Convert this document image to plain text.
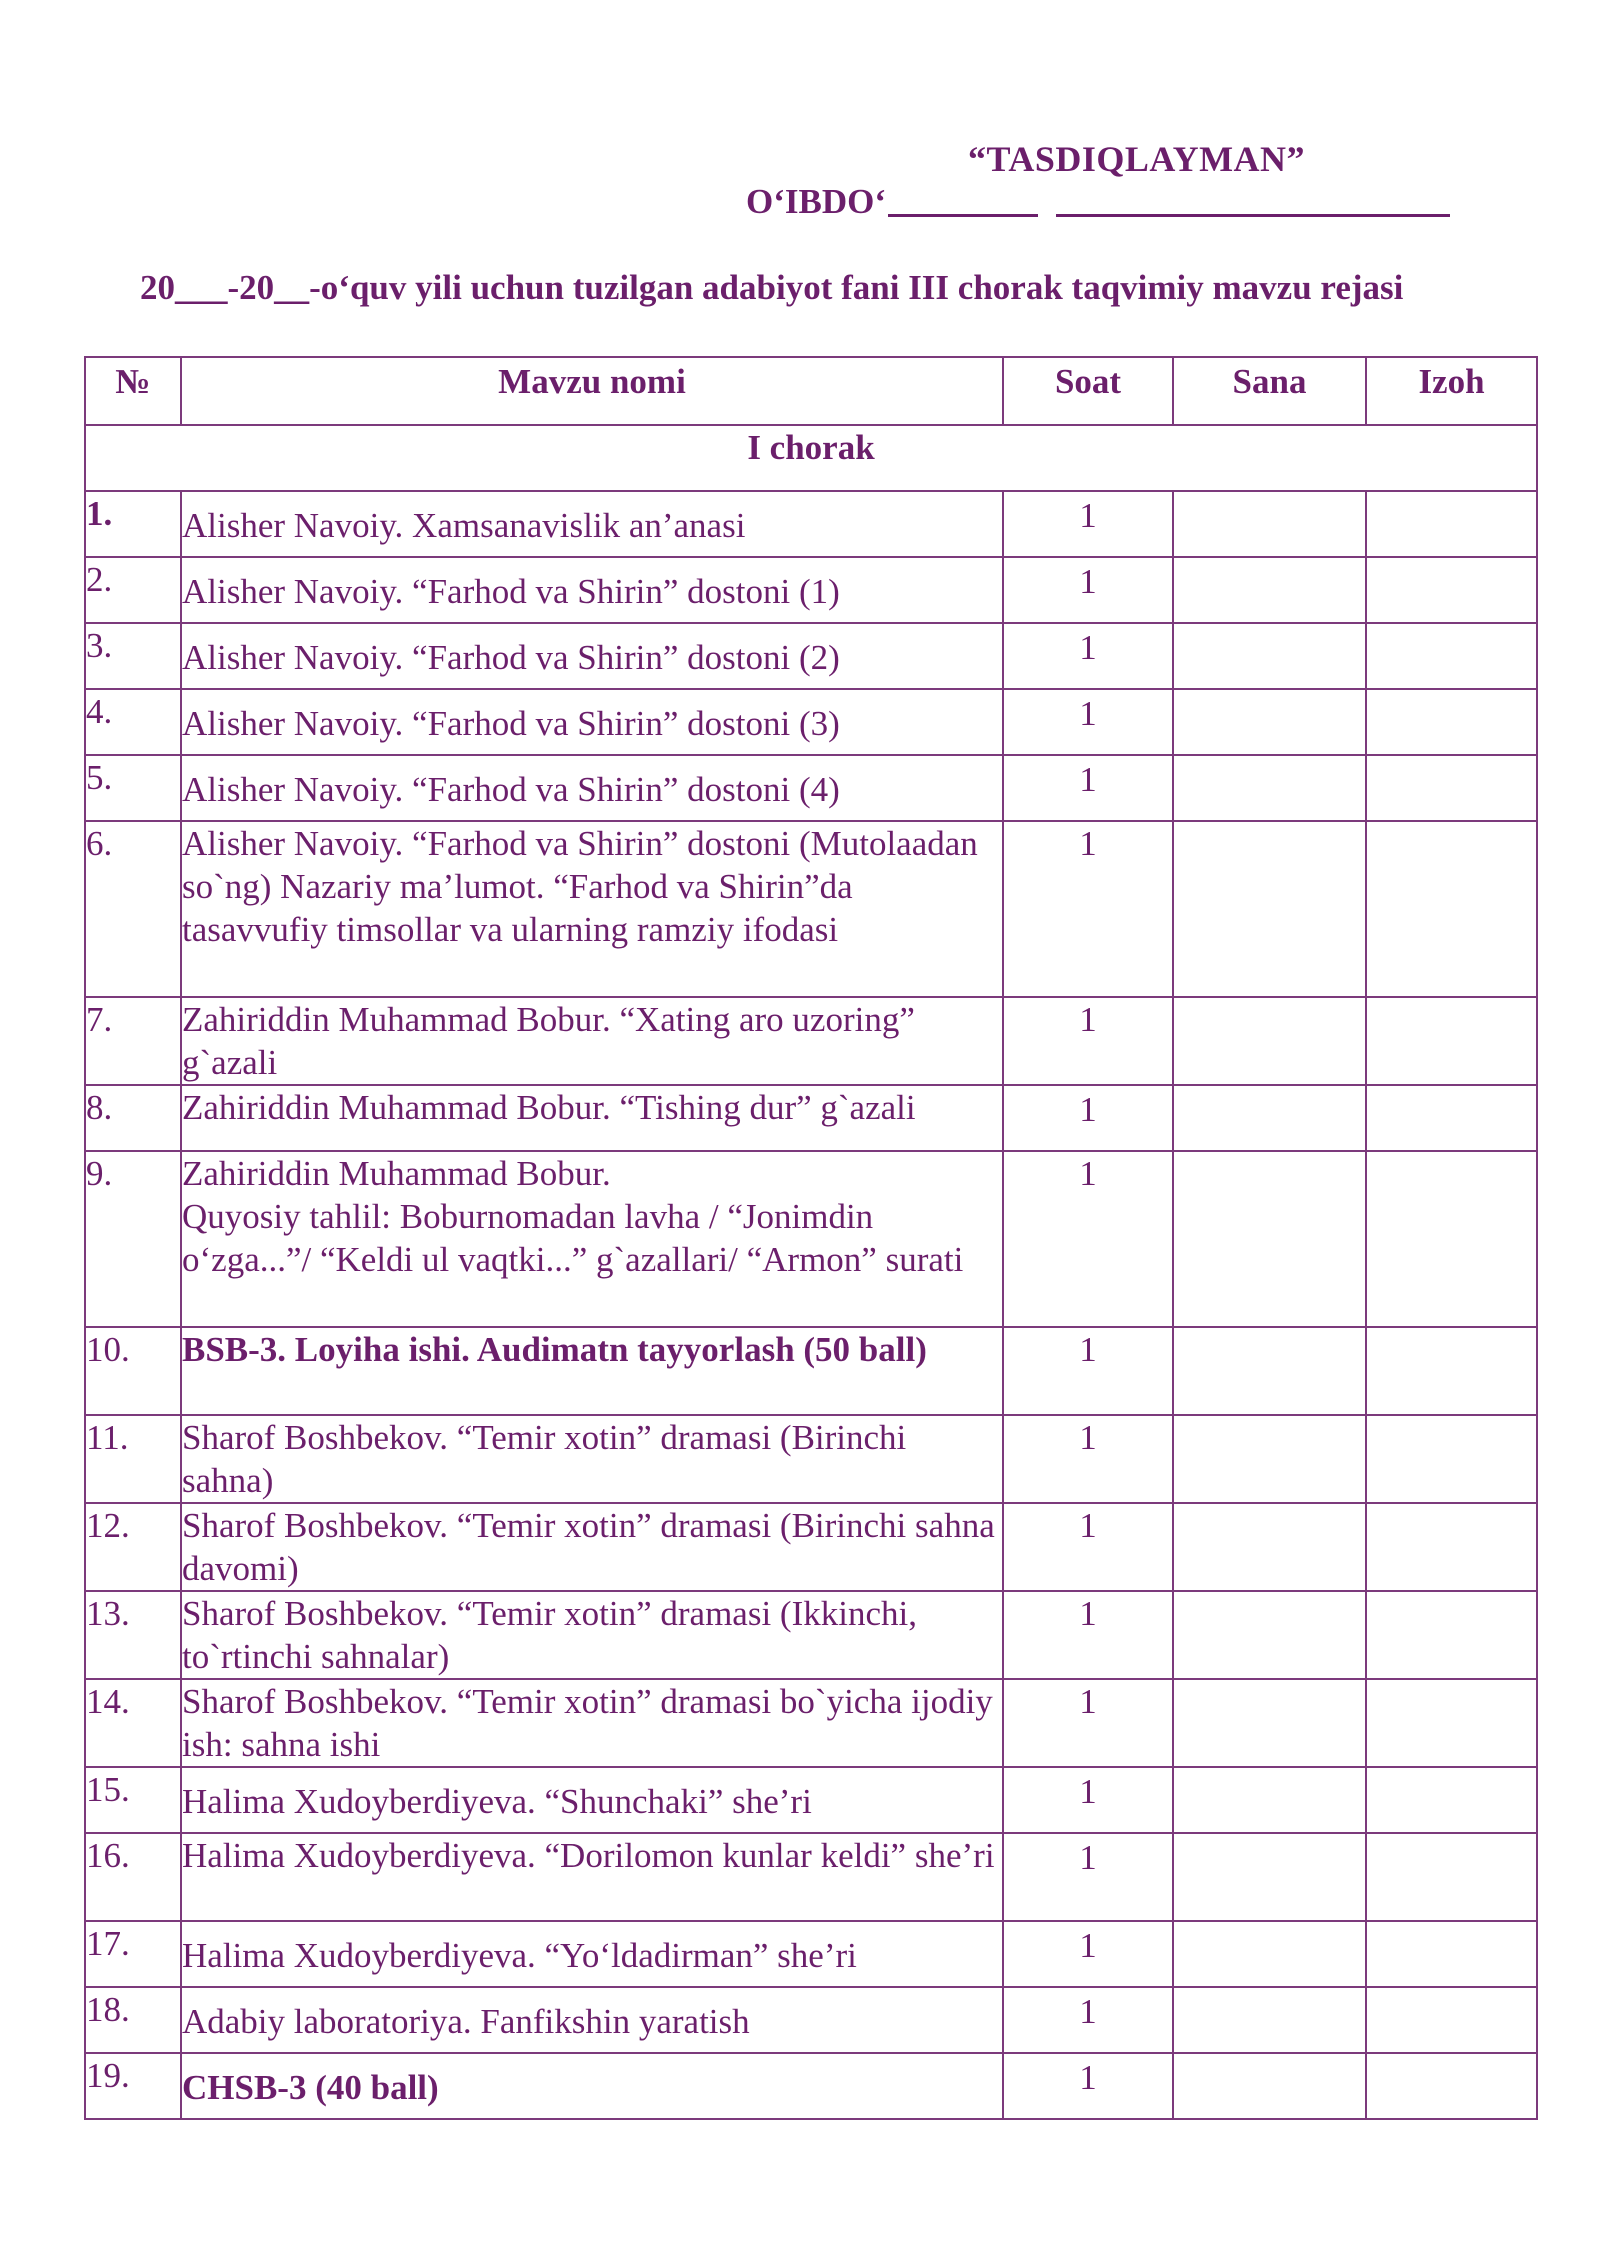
“TASDIQLAYMAN”
O‘IBDO‘
20___-20__-o‘quv yili uchun tuzilgan adabiyot fani III chorak taqvimiy mavzu rejasi
№	Mavzu nomi	Soat	Sana	Izoh
I chorak				
1.	Alisher Navoiy. Xamsanavislik an’anasi	1		
2.	Alisher Navoiy. “Farhod va Shirin” dostoni (1)	1		
3.	Alisher Navoiy. “Farhod va Shirin” dostoni (2)	1		
4.	Alisher Navoiy. “Farhod va Shirin” dostoni (3)	1		
5.	Alisher Navoiy. “Farhod va Shirin” dostoni (4)	1		
6.	Alisher Navoiy. “Farhod va Shirin” dostoni (Mutolaadan so`ng) Nazariy ma’lumot. “Farhod va Shirin”da tasavvufiy timsollar va ularning ramziy ifodasi	1		
7.	Zahiriddin Muhammad Bobur. “Xating aro uzoring” g`azali	1		
8.	Zahiriddin Muhammad Bobur. “Tishing dur” g`azali	1		
9.	Zahiriddin Muhammad Bobur.
Quyosiy tahlil: Boburnomadan lavha / “Jonimdin o‘zga...”/ “Keldi ul vaqtki...” g`azallari/ “Armon” surati	1		
10.	BSB-3. Loyiha ishi. Audimatn tayyorlash (50 ball)	1		
11.	Sharof Boshbekov. “Temir xotin” dramasi (Birinchi sahna)	1		
12.	Sharof Boshbekov. “Temir xotin” dramasi (Birinchi sahna davomi)	1		
13.	Sharof Boshbekov. “Temir xotin” dramasi (Ikkinchi, to`rtinchi sahnalar)	1		
14.	Sharof Boshbekov. “Temir xotin” dramasi bo`yicha ijodiy ish: sahna ishi	1		
15.	Halima Xudoyberdiyeva. “Shunchaki” she’ri	1		
16.	Halima Xudoyberdiyeva. “Dorilomon kunlar keldi” she’ri	1		
17.	Halima Xudoyberdiyeva. “Yo‘ldadirman” she’ri	1		
18.	Adabiy laboratoriya. Fanfikshin yaratish	1		
19.	CHSB-3 (40 ball)	1		
